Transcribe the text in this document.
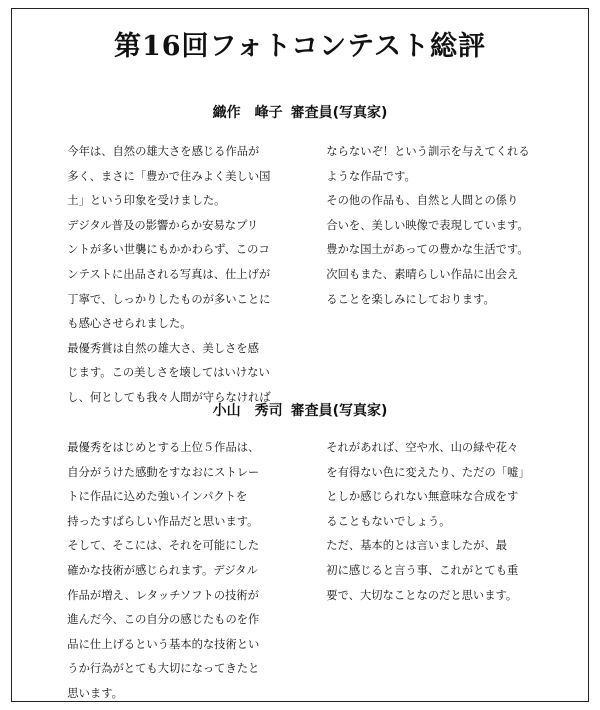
第16回フォトコンテスト総評
織作　峰子 審査員(写真家)

今年は、自然の雄大さを感じる作品が
多く、まさに「豊かで住みよく美しい国
土」という印象を受けました。

デジタル普及の影響からか安易なプリ
ントが多い世襲にもかかわらず、このコ
ンテストに出品される写真は、仕上げが
丁寧で、しっかりしたものが多いことに
も感心させられました。

最優秀賞は自然の雄大さ、美しさを感
じます。この美しさを壊してはいけない
し、何としても我々人間が守らなければ

ならないぞ！という訓示を与えてくれる
ような作品です。

その他の作品も、自然と人間との係り
合いを、美しい映像で表現しています。

豊かな国土があっての豊かな生活です。

次回もまた、素晴らしい作品に出会え
ることを楽しみにしております。

小山　秀司 審査員(写真家)

最優秀をはじめとする上位５作品は、
自分がうけた感動をすなおにストレー
トに作品に込めた強いインパクトを
持ったすばらしい作品だと思います。
そして、そこには、それを可能にした
確かな技術が感じられます。デジタル
作品が増え、レタッチソフトの技術が
進んだ今、この自分の感じたものを作
品に仕上げるという基本的な技術とい
うか行為がとても大切になってきたと
思います。

それがあれば、空や水、山の緑や花々
を有得ない色に変えたり、ただの「嘘」
としか感じられない無意味な合成をす
ることもないでしょう。

ただ、基本的とは言いましたが、最
初に感じると言う事、これがとても重
要で、大切なことなのだと思います。
